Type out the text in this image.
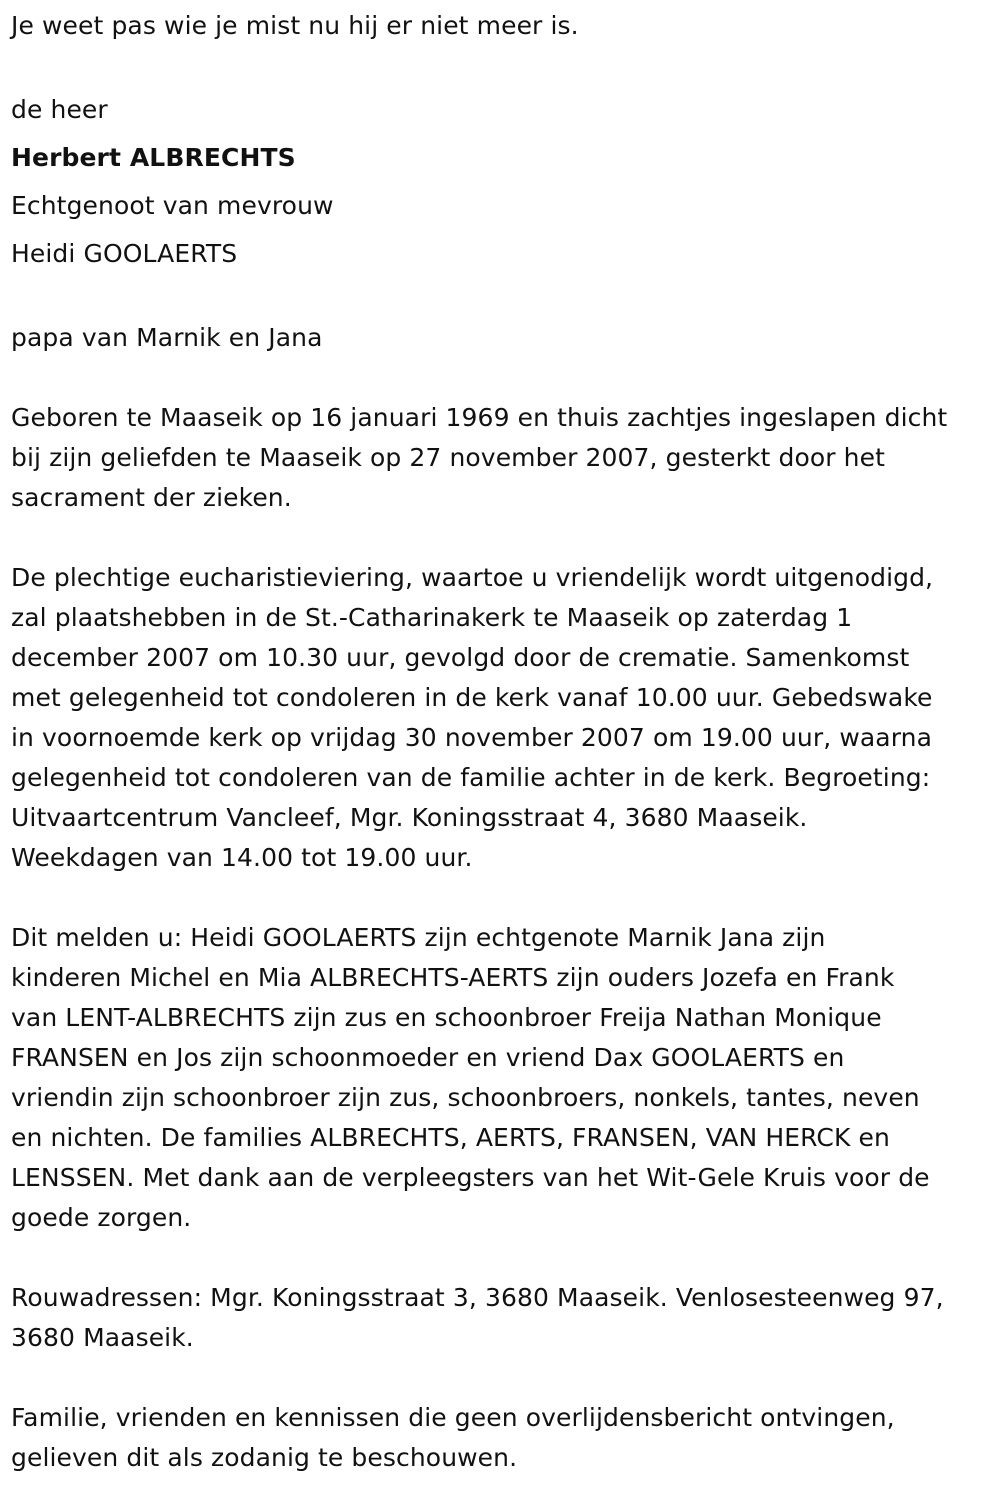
Je weet pas wie je mist nu hij er niet meer is.

de heer

Herbert ALBRECHTS

Echtgenoot van mevrouw

Heidi GOOLAERTS

papa van Marnik en Jana

Geboren te Maaseik op 16 januari 1969 en thuis zachtjes ingeslapen dicht

bij zijn geliefden te Maaseik op 27 november 2007, gesterkt door het

sacrament der zieken.

De plechtige eucharistieviering, waartoe u vriendelijk wordt uitgenodigd,

zal plaatshebben in de St.-Catharinakerk te Maaseik op zaterdag 1

december 2007 om 10.30 uur, gevolgd door de crematie. Samenkomst

met gelegenheid tot condoleren in de kerk vanaf 10.00 uur. Gebedswake

in voornoemde kerk op vrijdag 30 november 2007 om 19.00 uur, waarna

gelegenheid tot condoleren van de familie achter in de kerk. Begroeting:

Uitvaartcentrum Vancleef, Mgr. Koningsstraat 4, 3680 Maaseik.

Weekdagen van 14.00 tot 19.00 uur.

Dit melden u: Heidi GOOLAERTS zijn echtgenote Marnik Jana zijn

kinderen Michel en Mia ALBRECHTS-AERTS zijn ouders Jozefa en Frank

van LENT-ALBRECHTS zijn zus en schoonbroer Freija Nathan Monique

FRANSEN en Jos zijn schoonmoeder en vriend Dax GOOLAERTS en

vriendin zijn schoonbroer zijn zus, schoonbroers, nonkels, tantes, neven

en nichten. De families ALBRECHTS, AERTS, FRANSEN, VAN HERCK en

LENSSEN. Met dank aan de verpleegsters van het Wit-Gele Kruis voor de

goede zorgen.

Rouwadressen: Mgr. Koningsstraat 3, 3680 Maaseik. Venlosesteenweg 97,

3680 Maaseik.

Familie, vrienden en kennissen die geen overlijdensbericht ontvingen,

gelieven dit als zodanig te beschouwen.
